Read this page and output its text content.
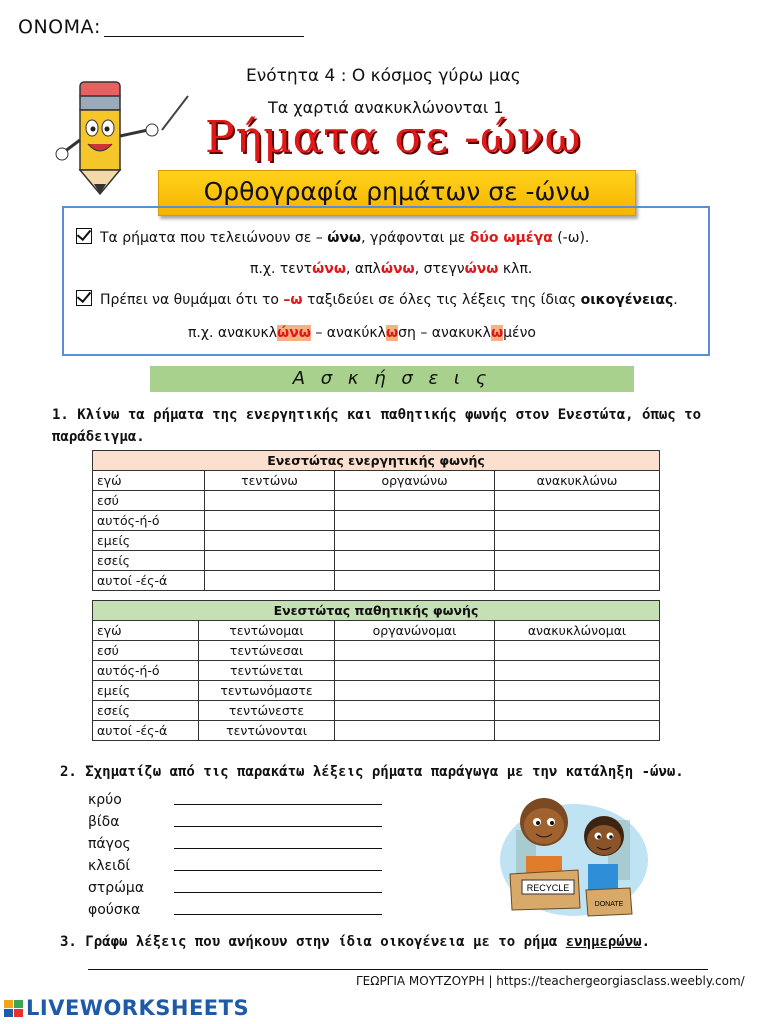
ΟΝΟΜΑ:
Ενότητα 4 : Ο κόσμος γύρω μας
Τα χαρτιά ανακυκλώνονται 1
Ρήματα σε -ώνω
Ορθογραφία ρημάτων σε -ώνω
Τα ρήματα που τελειώνουν σε – ώνω, γράφονται με δύο ωμέγα (-ω).
π.χ. τεντώνω, απλώνω, στεγνώνω κλπ.
Πρέπει να θυμάμαι ότι το –ω ταξιδεύει σε όλες τις λέξεις της ίδιας οικογένειας.
π.χ. ανακυκλώνω – ανακύκλωση – ανακυκλωμένο
Α σ κ ή σ ε ι ς
1. Κλίνω τα ρήματα της ενεργητικής και παθητικής φωνής στον Ενεστώτα, όπως το παράδειγμα.
Ενεστώτας ενεργητικής φωνής			
εγώ	τεντώνω	οργανώνω	ανακυκλώνω
εσύ			
αυτός-ή-ό			
εμείς			
εσείς			
αυτοί -ές-ά			
Ενεστώτας παθητικής φωνής			
εγώ	τεντώνομαι	οργανώνομαι	ανακυκλώνομαι
εσύ	τεντώνεσαι		
αυτός-ή-ό	τεντώνεται		
εμείς	τεντωνόμαστε		
εσείς	τεντώνεστε		
αυτοί -ές-ά	τεντώνονται		
2. Σχηματίζω από τις παρακάτω λέξεις ρήματα παράγωγα με την κατάληξη -ώνω.
κρύο
βίδα
πάγος
κλειδί
στρώμα
φούσκα
RECYCLE
DONATE
3. Γράφω λέξεις που ανήκουν στην ίδια οικογένεια με το ρήμα ενημερώνω.
ΓΕΩΡΓΙΑ ΜΟΥΤΖΟΥΡΗ | https://teachergeorgiasclass.weebly.com/
LIVEWORKSHEETS
